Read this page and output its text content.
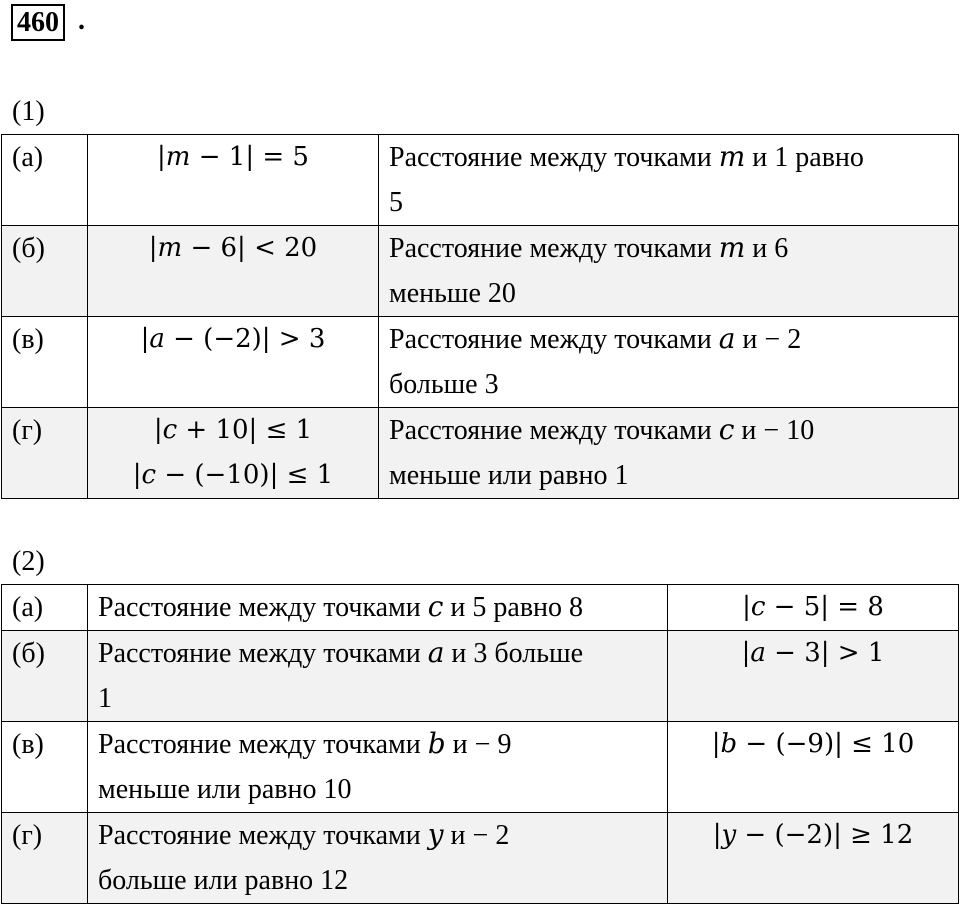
460 .
(1)
(а)	|𝑚 − 1| = 5	Расстояние между точками 𝑚 и 1 равно
5

(б)	|𝑚 − 6| < 20	Расстояние между точками 𝑚 и 6
меньше 20

(в)	|𝑎 − (−2)| > 3	Расстояние между точками 𝑎 и − 2
больше 3

(г)	|𝑐 + 10| ≤ 1
|𝑐 − (−10)| ≤ 1	Расстояние между точками 𝑐 и − 10
меньше или равно 1
(2)
(а)	Расстояние между точками 𝑐 и 5 равно 8	|𝑐 − 5| = 8

(б)	Расстояние между точками 𝑎 и 3 больше
1	|𝑎 − 3| > 1

(в)	Расстояние между точками 𝑏 и − 9
меньше или равно 10	|𝑏 − (−9)| ≤ 10

(г)	Расстояние между точками 𝑦 и − 2
больше или равно 12	|𝑦 − (−2)| ≥ 12
